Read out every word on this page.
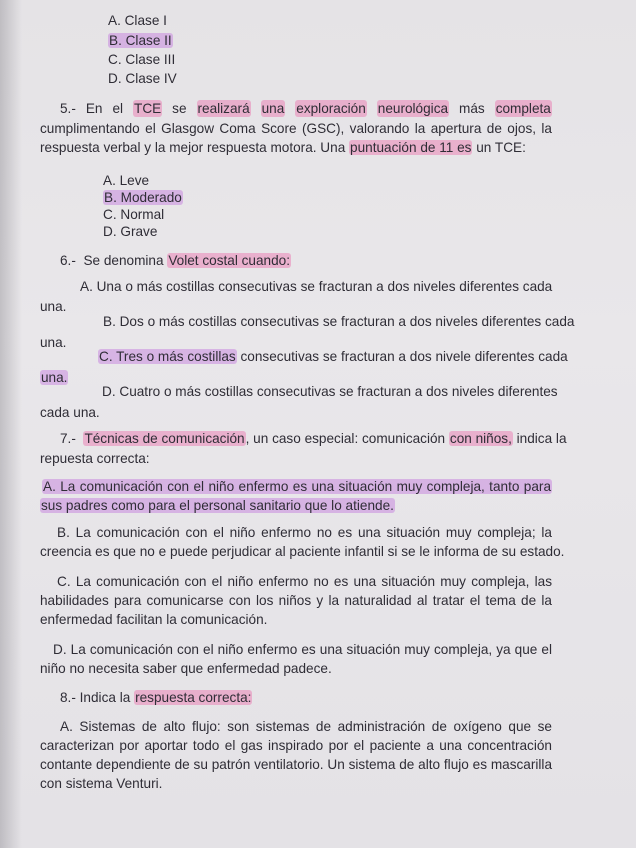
A. Clase I
B. Clase II
C. Clase III
D. Clase IV
5.- En el TCE se realizará una exploración neurológica más completa
cumplimentando el Glasgow Coma Score (GSC), valorando la apertura de ojos, la
respuesta verbal y la mejor respuesta motora. Una puntuación de 11 es un TCE:
A. Leve
B. Moderado
C. Normal
D. Grave
6.- Se denomina Volet costal cuando:
A. Una o más costillas consecutivas se fracturan a dos niveles diferentes cada
una.
B. Dos o más costillas consecutivas se fracturan a dos niveles diferentes cada
una.
C. Tres o más costillas consecutivas se fracturan a dos nivele diferentes cada
una.
D. Cuatro o más costillas consecutivas se fracturan a dos niveles diferentes
cada una.
7.- Técnicas de comunicación, un caso especial: comunicación con niños, indica la
repuesta correcta:
A. La comunicación con el niño enfermo es una situación muy compleja, tanto para
sus padres como para el personal sanitario que lo atiende.
B. La comunicación con el niño enfermo no es una situación muy compleja; la
creencia es que no e puede perjudicar al paciente infantil si se le informa de su estado.
C. La comunicación con el niño enfermo no es una situación muy compleja, las
habilidades para comunicarse con los niños y la naturalidad al tratar el tema de la
enfermedad facilitan la comunicación.
D. La comunicación con el niño enfermo es una situación muy compleja, ya que el
niño no necesita saber que enfermedad padece.
8.- Indica la respuesta correcta:
A. Sistemas de alto flujo: son sistemas de administración de oxígeno que se
caracterizan por aportar todo el gas inspirado por el paciente a una concentración
contante dependiente de su patrón ventilatorio. Un sistema de alto flujo es mascarilla
con sistema Venturi.
